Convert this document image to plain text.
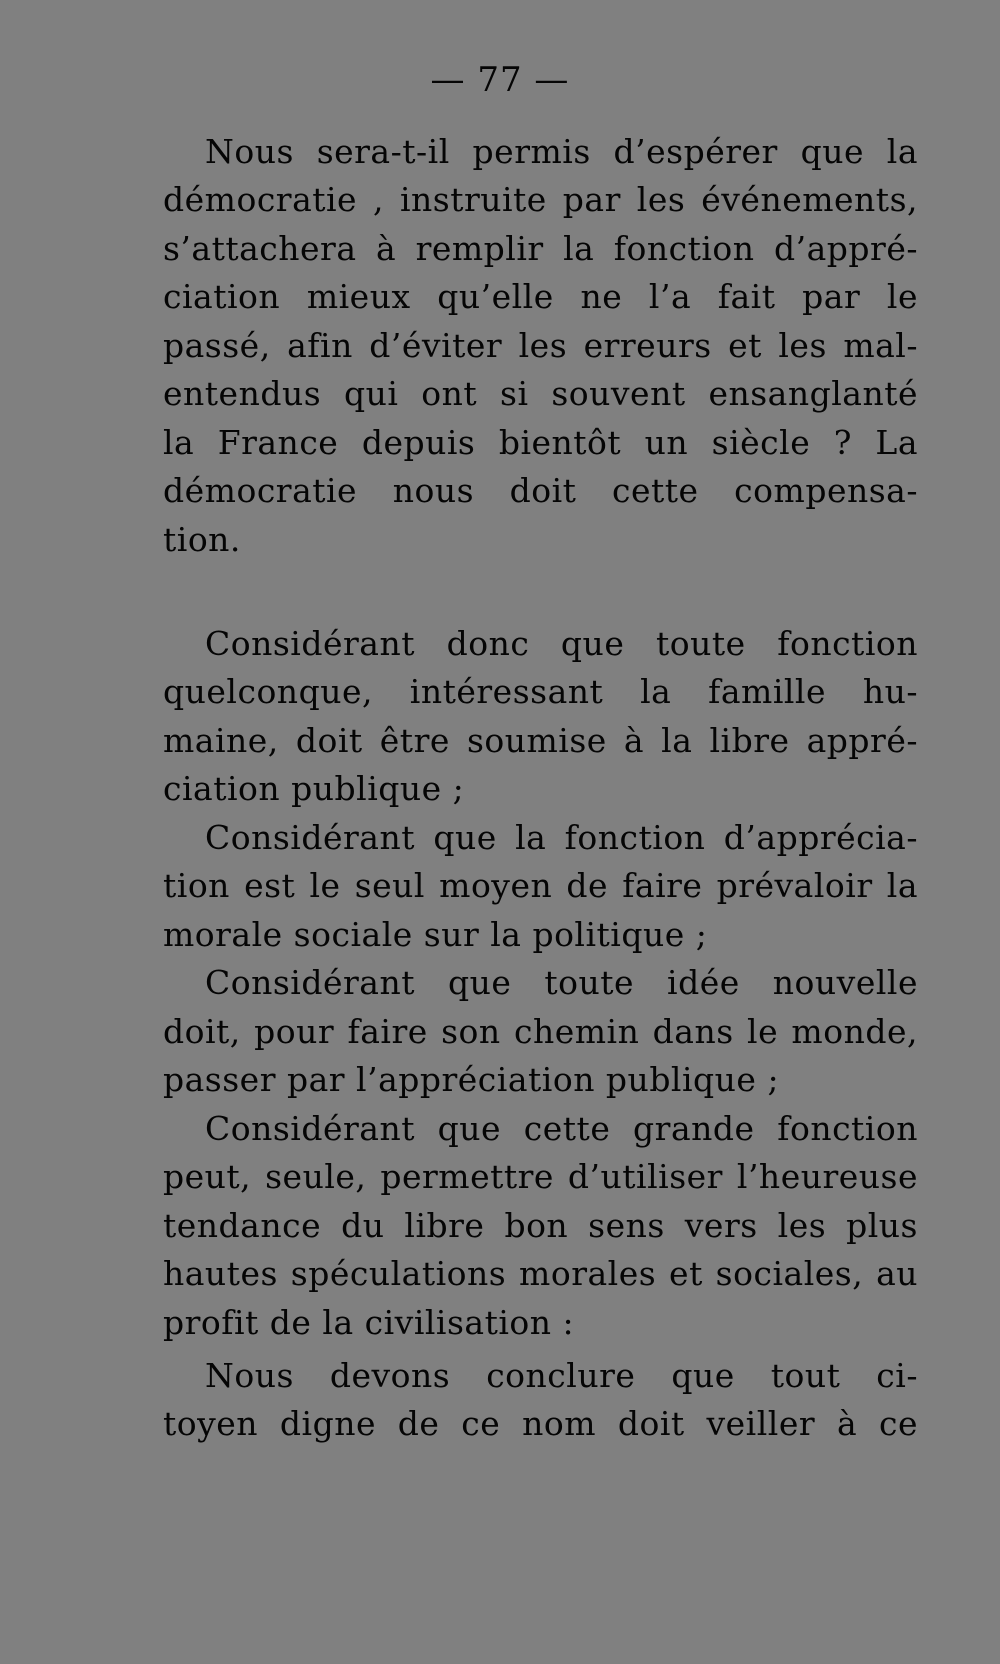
— 77 —
Nous sera-t-il permis d’espérer que la
démocratie , instruite par les événements,
s’attachera à remplir la fonction d’appré-
ciation mieux qu’elle ne l’a fait par le
passé, afin d’éviter les erreurs et les mal-
entendus qui ont si souvent ensanglanté
la France depuis bientôt un siècle ? La
démocratie nous doit cette compensa-
tion.
Considérant donc que toute fonction
quelconque, intéressant la famille hu-
maine, doit être soumise à la libre appré-
ciation publique ;
Considérant que la fonction d’apprécia-
tion est le seul moyen de faire prévaloir la
morale sociale sur la politique ;
Considérant que toute idée nouvelle
doit, pour faire son chemin dans le monde,
passer par l’appréciation publique ;
Considérant que cette grande fonction
peut, seule, permettre d’utiliser l’heureuse
tendance du libre bon sens vers les plus
hautes spéculations morales et sociales, au
profit de la civilisation :
Nous devons conclure que tout ci-
toyen digne de ce nom doit veiller à ce
